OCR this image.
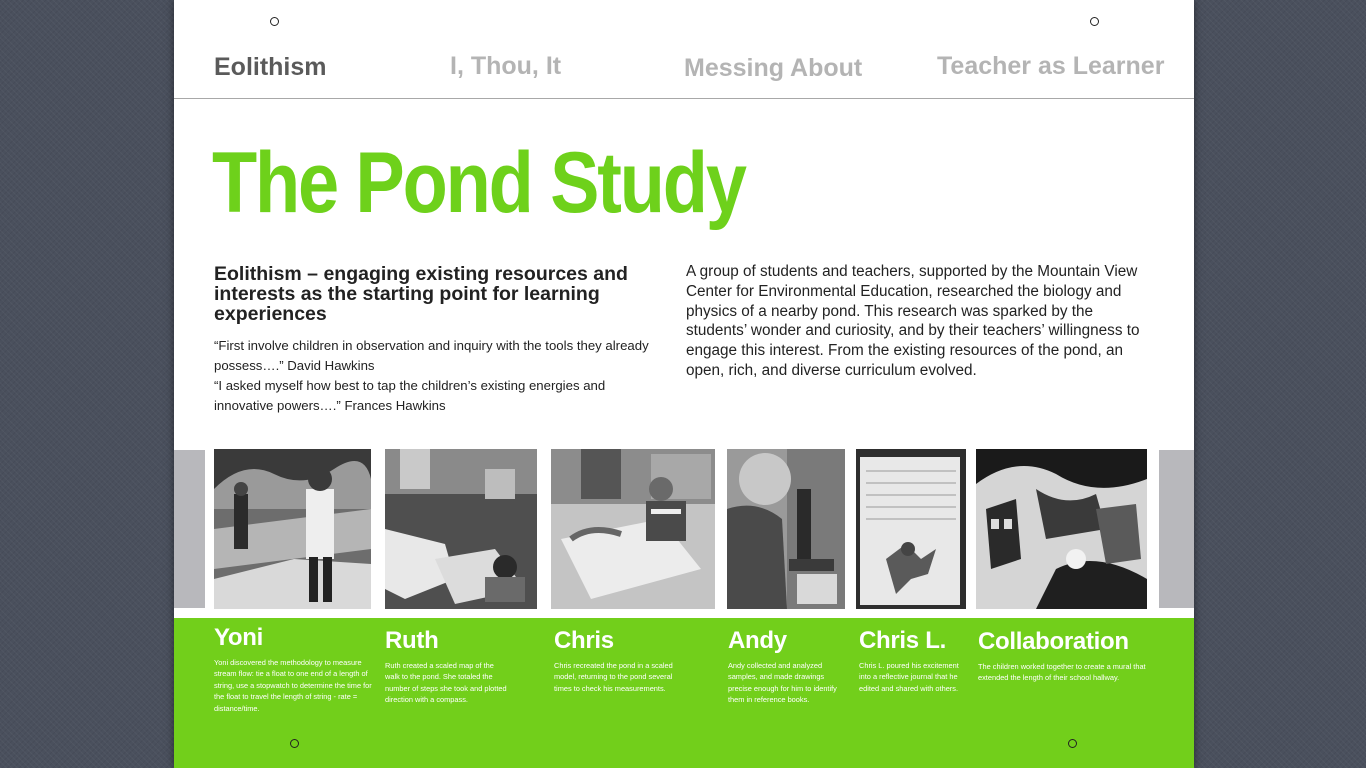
Eolithism	I, Thou, It	Messing About	Teacher as Learner
The Pond Study
Eolithism – engaging existing resources and interests as the starting point for learning experiences

“First involve children in observation and inquiry with the tools they already possess….” David Hawkins

“I asked myself how best to tap the children’s existing energies and innovative powers….” Frances Hawkins

A group of students and teachers, supported by the Mountain View Center for Environmental Education, researched the biology and physics of a nearby pond. This research was sparked by the students’ wonder and curiosity, and by their teachers’ willingness to engage this interest. From the existing resources of the pond, an open, rich, and diverse curriculum evolved.
Yoni
Yoni discovered the methodology to measure stream flow: tie a float to one end of a length of string, use a stopwatch to determine the time for the float to travel the length of string - rate = distance/time.
Ruth
Ruth created a scaled map of the walk to the pond. She totaled the number of steps she took and plotted direction with a compass.
Chris
Chris recreated the pond in a scaled model, returning to the pond several times to check his measurements.
Andy
Andy collected and analyzed samples, and made drawings precise enough for him to identify them in reference books.
Chris L.
Chris L. poured his excitement into a reflective journal that he edited and shared with others.
Collaboration
The children worked together to create a mural that extended the length of their school hallway.
